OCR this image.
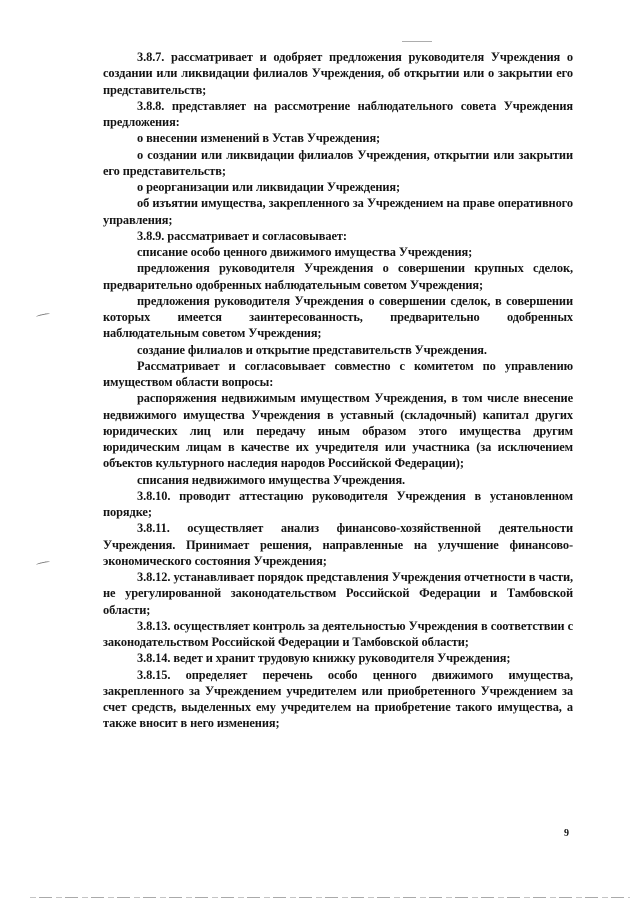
3.8.7. рассматривает и одобряет предложения руководителя Учреждения о создании или ликвидации филиалов Учреждения, об открытии или о закрытии его представительств;

3.8.8. представляет на рассмотрение наблюдательного совета Учреждения предложения:

о внесении изменений в Устав Учреждения;

о создании или ликвидации филиалов Учреждения, открытии или закрытии его представительств;

о реорганизации или ликвидации Учреждения;

об изъятии имущества, закрепленного за Учреждением на праве оперативного управления;

3.8.9. рассматривает и согласовывает:

списание особо ценного движимого имущества Учреждения;

предложения руководителя Учреждения о совершении крупных сделок, предварительно одобренных наблюдательным советом Учреждения;

предложения руководителя Учреждения о совершении сделок, в совершении которых имеется заинтересованность, предварительно одобренных наблюдательным советом Учреждения;

создание филиалов и открытие представительств Учреждения.

Рассматривает и согласовывает совместно с комитетом по управлению имуществом области вопросы:

распоряжения недвижимым имуществом Учреждения, в том числе внесение недвижимого имущества Учреждения в уставный (складочный) капитал других юридических лиц или передачу иным образом этого имущества другим юридическим лицам в качестве их учредителя или участника (за исключением объектов культурного наследия народов Российской Федерации);

списания недвижимого имущества Учреждения.

3.8.10. проводит аттестацию руководителя Учреждения в установленном порядке;

3.8.11. осуществляет анализ финансово-хозяйственной деятельности Учреждения. Принимает решения, направленные на улучшение финансово-экономического состояния Учреждения;

3.8.12. устанавливает порядок представления Учреждения отчетности в части, не урегулированной законодательством Российской Федерации и Тамбовской области;

3.8.13. осуществляет контроль за деятельностью Учреждения в соответствии с законодательством Российской Федерации и Тамбовской области;

3.8.14. ведет и хранит трудовую книжку руководителя Учреждения;

3.8.15. определяет перечень особо ценного движимого имущества, закрепленного за Учреждением учредителем или приобретенного Учреждением за счет средств, выделенных ему учредителем на приобретение такого имущества, а также вносит в него изменения;

9
